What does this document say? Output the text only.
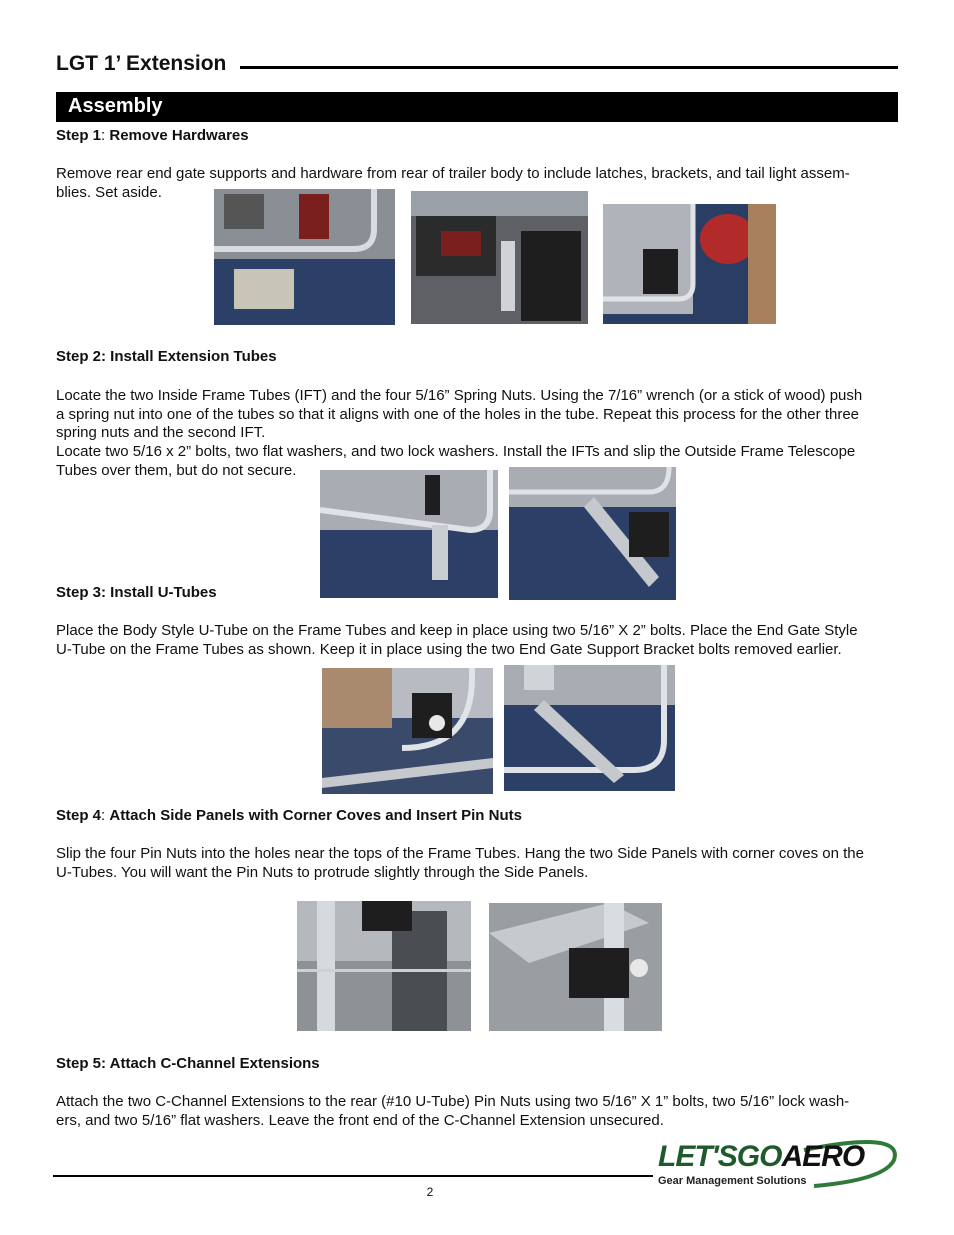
LGT 1’ Extension
Assembly
Step 1: Remove Hardwares
Remove rear end gate supports and hardware from rear of trailer body to include latches, brackets, and tail light assem-
blies. Set aside.
Step 2: Install Extension Tubes
Locate the two Inside Frame Tubes (IFT) and the four 5/16” Spring Nuts. Using the 7/16” wrench (or a stick of wood) push
a spring nut into one of the tubes so that it aligns with one of the holes in the tube. Repeat this process for the other three
spring nuts and the second IFT.
Locate two 5/16 x 2” bolts, two flat washers, and two lock washers. Install the IFTs and slip the Outside Frame Telescope
Tubes over them, but do not secure.
Step 3: Install U-Tubes
Place the Body Style U-Tube on the Frame Tubes and keep in place using two 5/16” X 2” bolts. Place the End Gate Style
U-Tube on the Frame Tubes as shown. Keep it in place using the two End Gate Support Bracket bolts removed earlier.
Step 4: Attach Side Panels with Corner Coves and Insert Pin Nuts
Slip the four Pin Nuts into the holes near the tops of the Frame Tubes. Hang the two Side Panels with corner coves on the
U-Tubes. You will want the Pin Nuts to protrude slightly through the Side Panels.
Step 5: Attach C-Channel Extensions
Attach the two C-Channel Extensions to the rear (#10 U-Tube) Pin Nuts using two 5/16” X 1” bolts, two 5/16” lock wash-
ers, and two 5/16” flat washers. Leave the front end of the C-Channel Extension unsecured.
2
LET'SGOAERO
Gear Management Solutions
